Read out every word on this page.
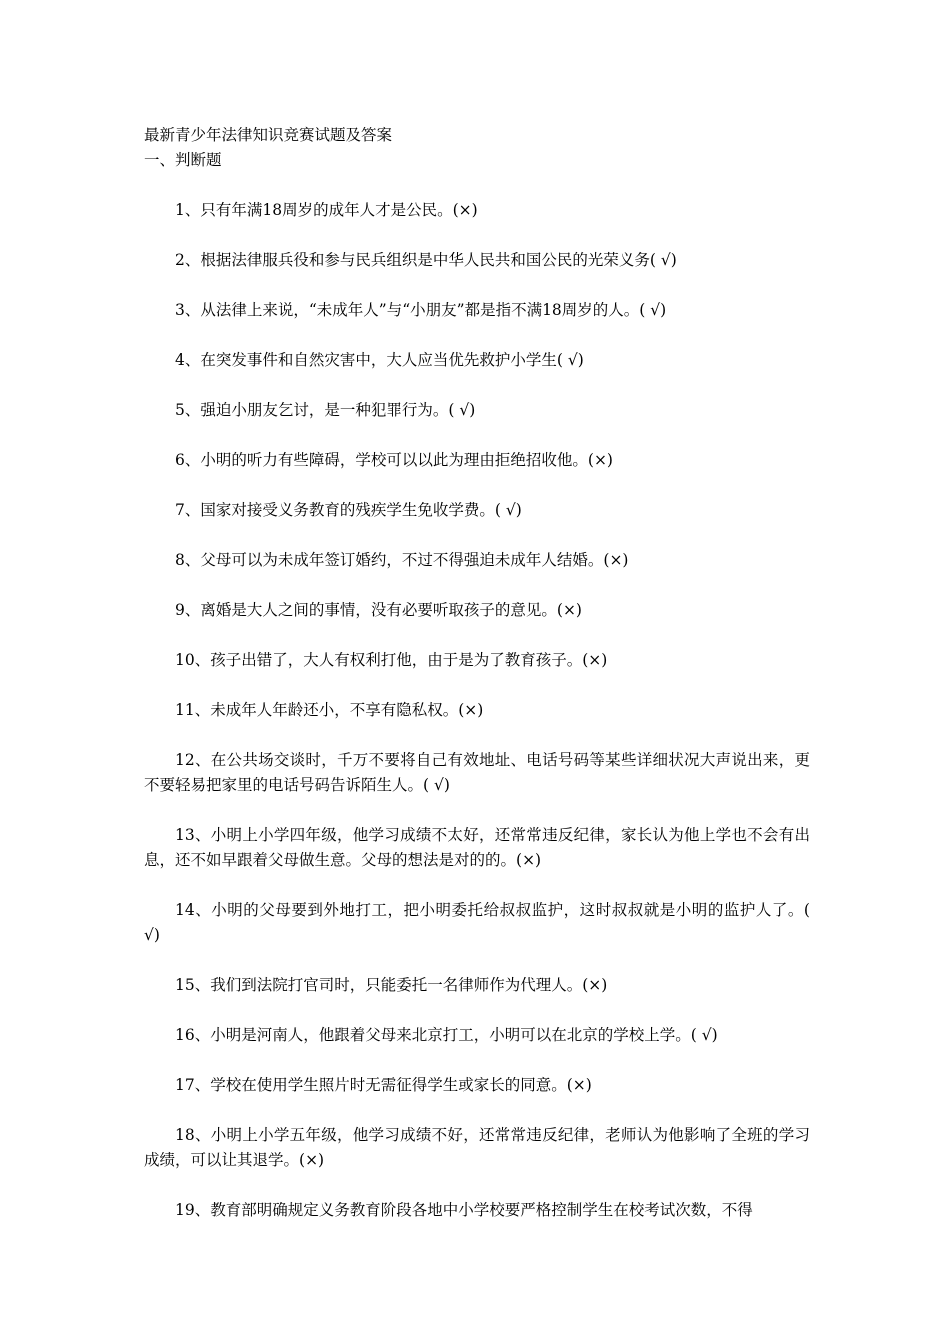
最新青少年法律知识竞赛试题及答案

一、判断题

1、只有年满18周岁的成年人才是公民。(×)
2、根据法律服兵役和参与民兵组织是中华人民共和国公民的光荣义务( √)
3、从法律上来说，“未成年人”与“小朋友”都是指不满18周岁的人。( √)
4、在突发事件和自然灾害中，大人应当优先救护小学生( √)
5、强迫小朋友乞讨，是一种犯罪行为。( √)
6、小明的听力有些障碍，学校可以以此为理由拒绝招收他。(×)
7、国家对接受义务教育的残疾学生免收学费。( √)
8、父母可以为未成年签订婚约，不过不得强迫未成年人结婚。(×)
9、离婚是大人之间的事情，没有必要听取孩子的意见。(×)
10、孩子出错了，大人有权利打他，由于是为了教育孩子。(×)
11、未成年人年龄还小，不享有隐私权。(×)
12、在公共场交谈时，千万不要将自己有效地址、电话号码等某些详细状况大声说出来，更不要轻易把家里的电话号码告诉陌生人。( √)
13、小明上小学四年级，他学习成绩不太好，还常常违反纪律，家长认为他上学也不会有出息，还不如早跟着父母做生意。父母的想法是对的的。(×)
14、小明的父母要到外地打工，把小明委托给叔叔监护，这时叔叔就是小明的监护人了。( √)
15、我们到法院打官司时，只能委托一名律师作为代理人。(×)
16、小明是河南人，他跟着父母来北京打工，小明可以在北京的学校上学。( √)
17、学校在使用学生照片时无需征得学生或家长的同意。(×)
18、小明上小学五年级，他学习成绩不好，还常常违反纪律，老师认为他影响了全班的学习成绩，可以让其退学。(×)
19、教育部明确规定义务教育阶段各地中小学校要严格控制学生在校考试次数，不得
